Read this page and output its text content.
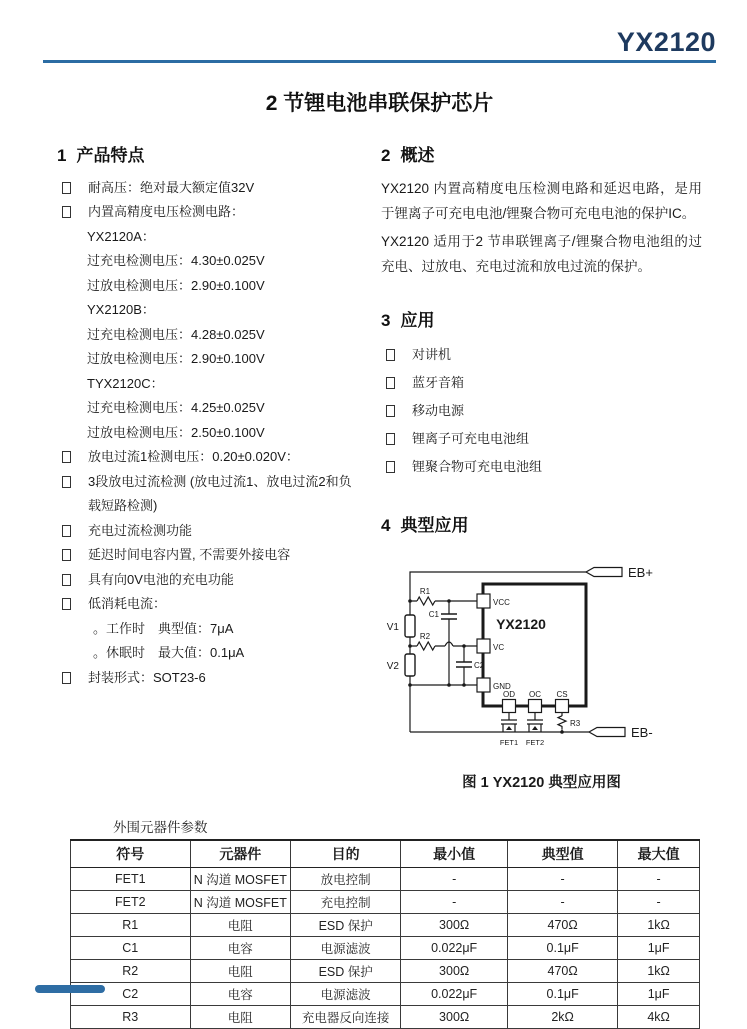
YX2120
2 节锂电池串联保护芯片
1 产品特点
耐高压：绝对最大额定值32V
内置高精度电压检测电路：
YX2120A：
过充电检测电压：4.30±0.025V
过放电检测电压：2.90±0.100V
YX2120B：
过充电检测电压：4.28±0.025V
过放电检测电压：2.90±0.100V
TYX2120C：
过充电检测电压：4.25±0.025V
过放电检测电压：2.50±0.100V
放电过流1检测电压：0.20±0.020V：
3段放电过流检测 (放电过流1、放电过流2和负载短路检测)
充电过流检测功能
延迟时间电容内置, 不需要外接电容
具有向0V电池的充电功能
低消耗电流：
。工作时　典型值：7μA
。休眠时　最大值：0.1μA
封装形式：SOT23-6
2 概述

YX2120 内置高精度电压检测电路和延迟电路，是用于锂离子可充电电池/锂聚合物可充电电池的保护IC。

YX2120 适用于2 节串联锂离子/锂聚合物电池组的过充电、过放电、充电过流和放电过流的保护。

3 应用
对讲机
蓝牙音箱
移动电源
锂离子可充电电池组
锂聚合物可充电电池组
4 典型应用
EB+
EB-
YX2120
VCC
VC
GND
OD OC CS
R1
R2
R3
C1
C2
V1
V2
FET1 FET2
图 1 YX2120 典型应用图
外围元器件参数
符号	元器件	目的	最小值	典型值	最大值
FET1	N 沟道 MOSFET	放电控制	-	-	-
FET2	N 沟道 MOSFET	充电控制	-	-	-
R1	电阻	ESD 保护	300Ω	470Ω	1kΩ
C1	电容	电源滤波	0.022μF	0.1μF	1μF
R2	电阻	ESD 保护	300Ω	470Ω	1kΩ
C2	电容	电源滤波	0.022μF	0.1μF	1μF
R3	电阻	充电器反向连接	300Ω	2kΩ	4kΩ
